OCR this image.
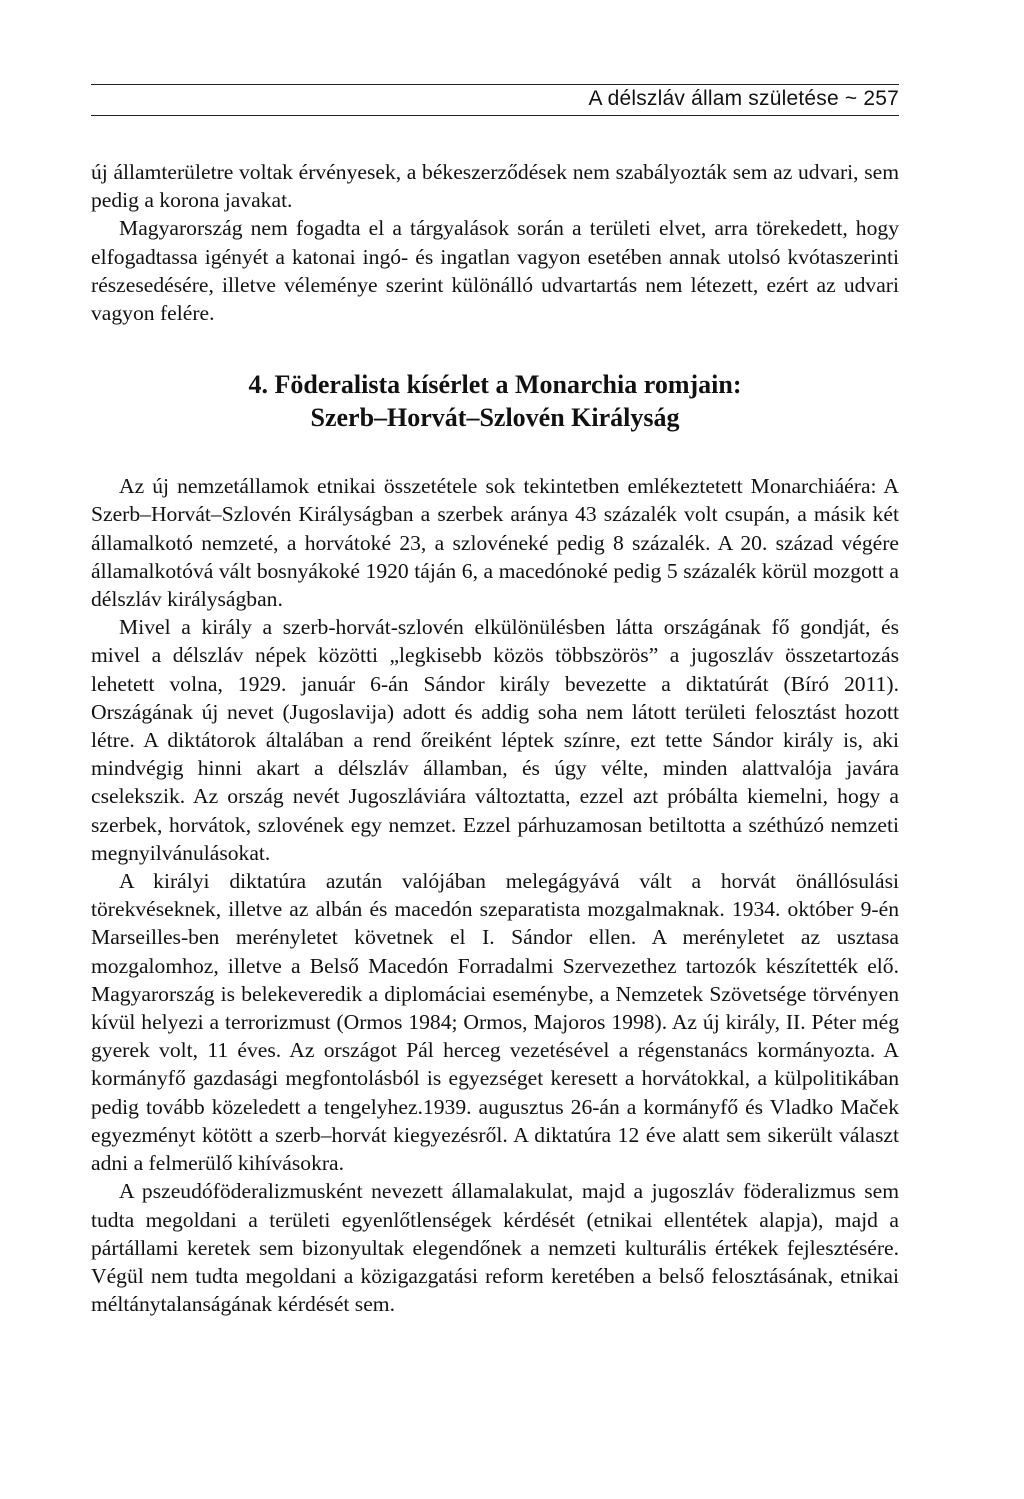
A délszláv állam születése ~ 257

új államterületre voltak érvényesek, a békeszerződések nem szabályozták sem az udvari, sem pedig a korona javakat.

Magyarország nem fogadta el a tárgyalások során a területi elvet, arra törekedett, hogy elfogadtassa igényét a katonai ingó- és ingatlan vagyon esetében annak utolsó kvótaszerinti részesedésére, illetve véleménye szerint különálló udvartartás nem létezett, ezért az udvari vagyon felére.

4. Föderalista kísérlet a Monarchia romjain:
Szerb–Horvát–Szlovén Királyság

Az új nemzetállamok etnikai összetétele sok tekintetben emlékeztetett Monarchiáéra: A Szerb–Horvát–Szlovén Királyságban a szerbek aránya 43 százalék volt csupán, a másik két államalkotó nemzeté, a horvátoké 23, a szlovéneké pedig 8 százalék. A 20. század végére államalkotóvá vált bosnyákoké 1920 táján 6, a macedónoké pedig 5 százalék körül mozgott a délszláv királyságban.

Mivel a király a szerb-horvát-szlovén elkülönülésben látta országának fő gondját, és mivel a délszláv népek közötti „legkisebb közös többszörös” a jugoszláv összetartozás lehetett volna, 1929. január 6-án Sándor király bevezette a diktatúrát (Bíró 2011). Országának új nevet (Jugoslavija) adott és addig soha nem látott területi felosztást hozott létre. A diktátorok általában a rend őreiként léptek színre, ezt tette Sándor király is, aki mindvégig hinni akart a délszláv államban, és úgy vélte, minden alattvalója javára cselekszik. Az ország nevét Jugoszláviára változtatta, ezzel azt próbálta kiemelni, hogy a szerbek, horvátok, szlovének egy nemzet. Ezzel párhuzamosan betiltotta a széthúzó nemzeti megnyilvánulásokat.

A királyi diktatúra azután valójában melegágyává vált a horvát önállósulási törekvéseknek, illetve az albán és macedón szeparatista mozgalmaknak. 1934. október 9-én Marseilles-ben merényletet követnek el I. Sándor ellen. A merényletet az usztasa mozgalomhoz, illetve a Belső Macedón Forradalmi Szervezethez tartozók készítették elő. Magyarország is belekeveredik a diplomáciai eseménybe, a Nemzetek Szövetsége törvényen kívül helyezi a terrorizmust (Ormos 1984; Ormos, Majoros 1998). Az új király, II. Péter még gyerek volt, 11 éves. Az országot Pál herceg vezetésével a régenstanács kormányozta. A kormányfő gazdasági megfontolásból is egyezséget keresett a horvátokkal, a külpolitikában pedig tovább közeledett a tengelyhez.1939. augusztus 26-án a kormányfő és Vladko Maček egyezményt kötött a szerb–horvát kiegyezésről. A diktatúra 12 éve alatt sem sikerült választ adni a felmerülő kihívásokra.

A pszeudóföderalizmusként nevezett államalakulat, majd a jugoszláv föderalizmus sem tudta megoldani a területi egyenlőtlenségek kérdését (etnikai ellentétek alapja), majd a pártállami keretek sem bizonyultak elegendőnek a nemzeti kulturális értékek fejlesztésére. Végül nem tudta megoldani a közigazgatási reform keretében a belső felosztásának, etnikai méltánytalanságának kérdését sem.
